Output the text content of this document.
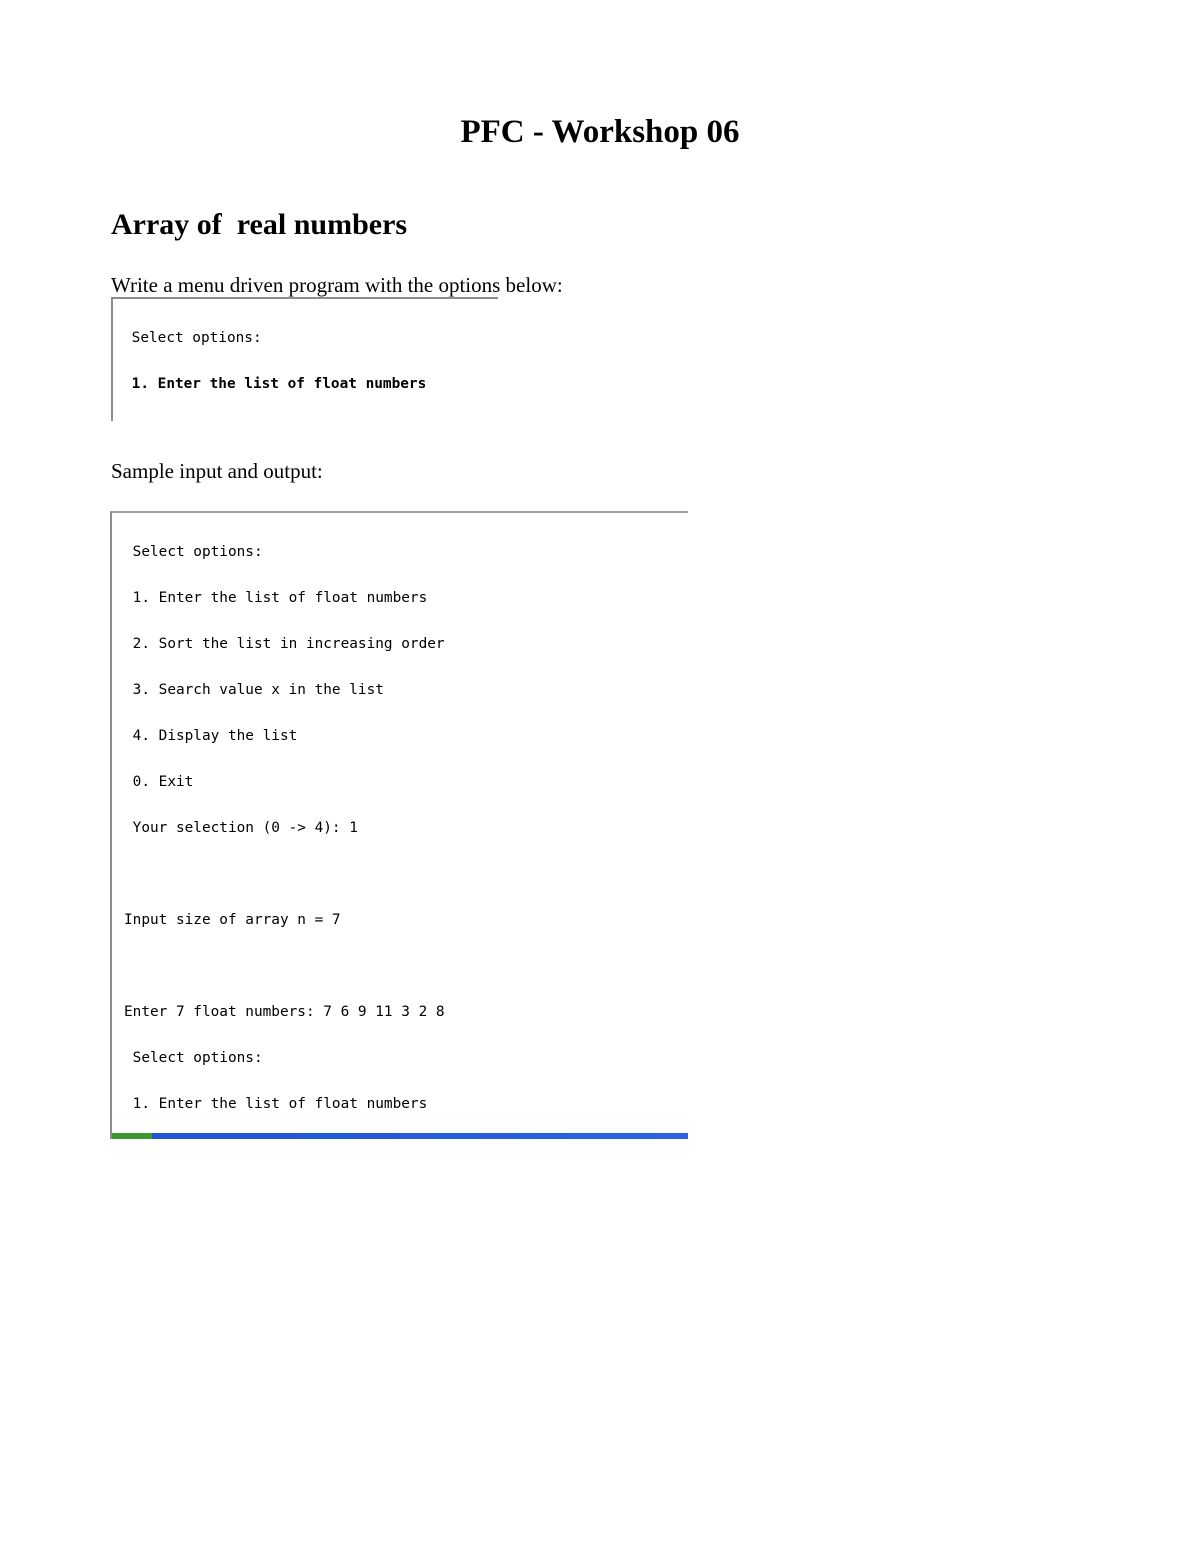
PFC - Workshop 06
Array of  real numbers
Write a menu driven program with the options below:

Select options:

1. Enter the list of float numbers

Sample input and output:

Select options:

1. Enter the list of float numbers

2. Sort the list in increasing order

3. Search value x in the list

4. Display the list

0. Exit

Your selection (0 -> 4): 1

Input size of array n = 7

Enter 7 float numbers: 7 6 9 11 3 2 8

Select options:

1. Enter the list of float numbers
